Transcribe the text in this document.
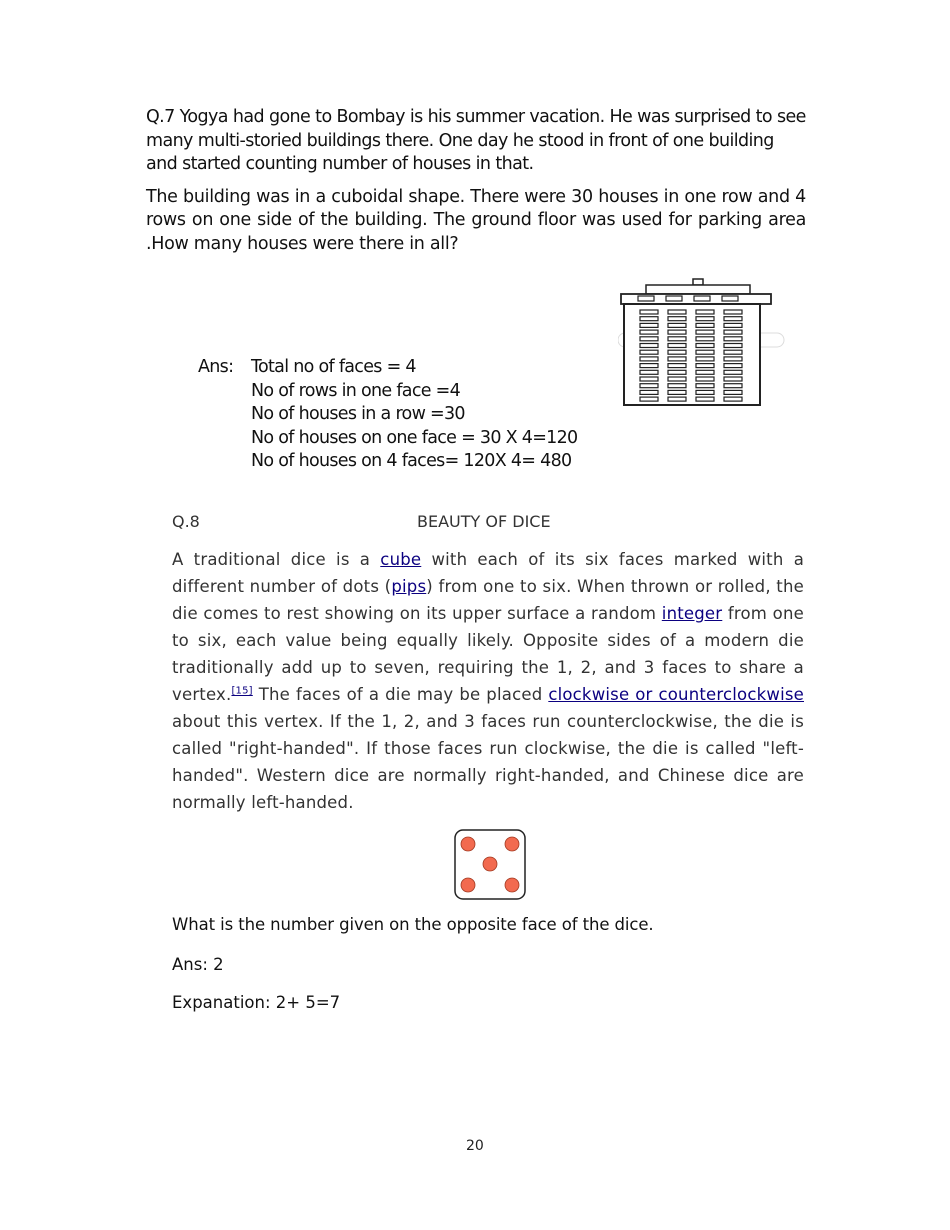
Q.7 Yogya had gone to Bombay is his summer vacation. He was surprised to see many multi-storied buildings there. One day he stood in front of one building and started counting number of houses in that.

The building was in a cuboidal shape. There were 30 houses in one row and 4 rows on one side of the building. The ground floor was used for parking area .How many houses were there in all?

Ans: Total no of faces = 4
No of rows in one face =4
No of houses in a row =30
No of houses on one face = 30 X 4=120
No of houses on 4 faces= 120X 4= 480
Q.8	BEAUTY OF DICE
A traditional dice is a cube with each of its six faces marked with a different number of dots (pips) from one to six. When thrown or rolled, the die comes to rest showing on its upper surface a random integer from one to six, each value being equally likely. Opposite sides of a modern die traditionally add up to seven, requiring the 1, 2, and 3 faces to share a vertex.[15] The faces of a die may be placed clockwise or counterclockwise about this vertex. If the 1, 2, and 3 faces run counterclockwise, the die is called "right-handed". If those faces run clockwise, the die is called "left-handed". Western dice are normally right-handed, and Chinese dice are normally left-handed.
What is the number given on the opposite face of the dice.
Ans: 2
Expanation: 2+ 5=7
20
